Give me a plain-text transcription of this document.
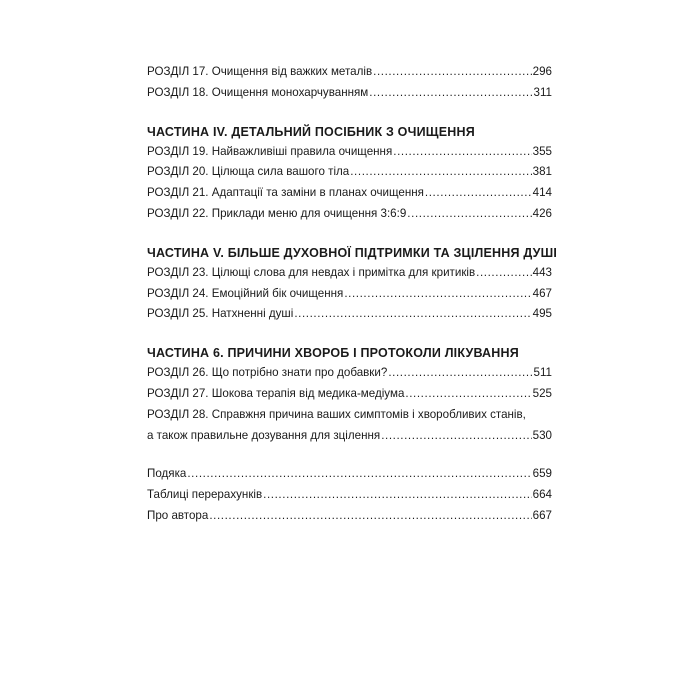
РОЗДІЛ 17. Очищення від важких металів .....	296
РОЗДІЛ 18. Очищення монохарчуванням .....	311
ЧАСТИНА IV. ДЕТАЛЬНИЙ ПОСІБНИК З ОЧИЩЕННЯ
РОЗДІЛ 19. Найважливіші правила очищення .....	355
РОЗДІЛ 20. Цілюща сила вашого тіла .....	381
РОЗДІЛ 21. Адаптації та заміни в планах очищення .....	414
РОЗДІЛ 22. Приклади меню для очищення 3:6:9 .....	426
ЧАСТИНА V. БІЛЬШЕ ДУХОВНОЇ ПІДТРИМКИ ТА ЗЦІЛЕННЯ ДУШІ
РОЗДІЛ 23. Цілющі слова для невдах і примітка для критиків .....	443
РОЗДІЛ 24. Емоційний бік очищення .....	467
РОЗДІЛ 25. Натхненні душі .....	495
ЧАСТИНА 6. ПРИЧИНИ ХВОРОБ І ПРОТОКОЛИ ЛІКУВАННЯ
РОЗДІЛ 26. Що потрібно знати про добавки? .....	511
РОЗДІЛ 27. Шокова терапія від медика-медіума .....	525
РОЗДІЛ 28. Справжня причина ваших симптомів і хворобливих станів,
а також правильне дозування для зцілення .....	530
Подяка .....	659
Таблиці перерахунків .....	664
Про автора .....	667
